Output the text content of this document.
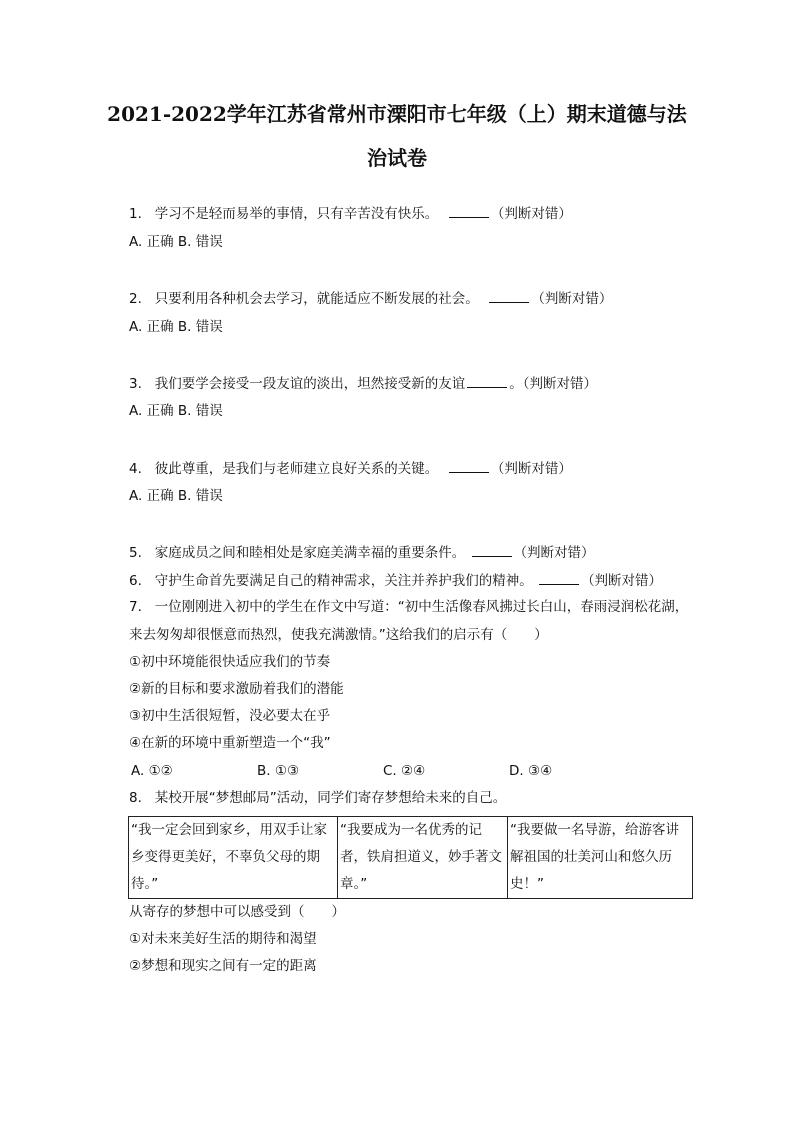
2021-2022学年江苏省常州市溧阳市七年级（上）期末道德与法
治试卷
1. 学习不是轻而易举的事情，只有辛苦没有快乐。	（判断对错）
A. 正确 B. 错误
2. 只要利用各种机会去学习，就能适应不断发展的社会。	（判断对错）
A. 正确 B. 错误
3. 我们要学会接受一段友谊的淡出，坦然接受新的友谊	。（判断对错）
A. 正确 B. 错误
4. 彼此尊重，是我们与老师建立良好关系的关键。	（判断对错）
A. 正确 B. 错误
5. 家庭成员之间和睦相处是家庭美满幸福的重要条件。	（判断对错）
6. 守护生命首先要满足自己的精神需求，关注并养护我们的精神。	（判断对错）
7. 一位刚刚进入初中的学生在作文中写道：“初中生活像春风拂过长白山，春雨浸润松花湖，
来去匆匆却很惬意而热烈，使我充满激情。”这给我们的启示有（　　）
①初中环境能很快适应我们的节奏
②新的目标和要求激励着我们的潜能
③初中生活很短暂，没必要太在乎
④在新的环境中重新塑造一个“我”
A. ①②	B. ①③	C. ②④	D. ③④
8. 某校开展“梦想邮局”活动，同学们寄存梦想给未来的自己。
“我一定会回到家乡，用双手让家
乡变得更美好，不辜负父母的期
待。”

“我要成为一名优秀的记
者，铁肩担道义，妙手著文
章。”

“我要做一名导游，给游客讲
解祖国的壮美河山和悠久历
史！”
从寄存的梦想中可以感受到（　　）
①对未来美好生活的期待和渴望
②梦想和现实之间有一定的距离
